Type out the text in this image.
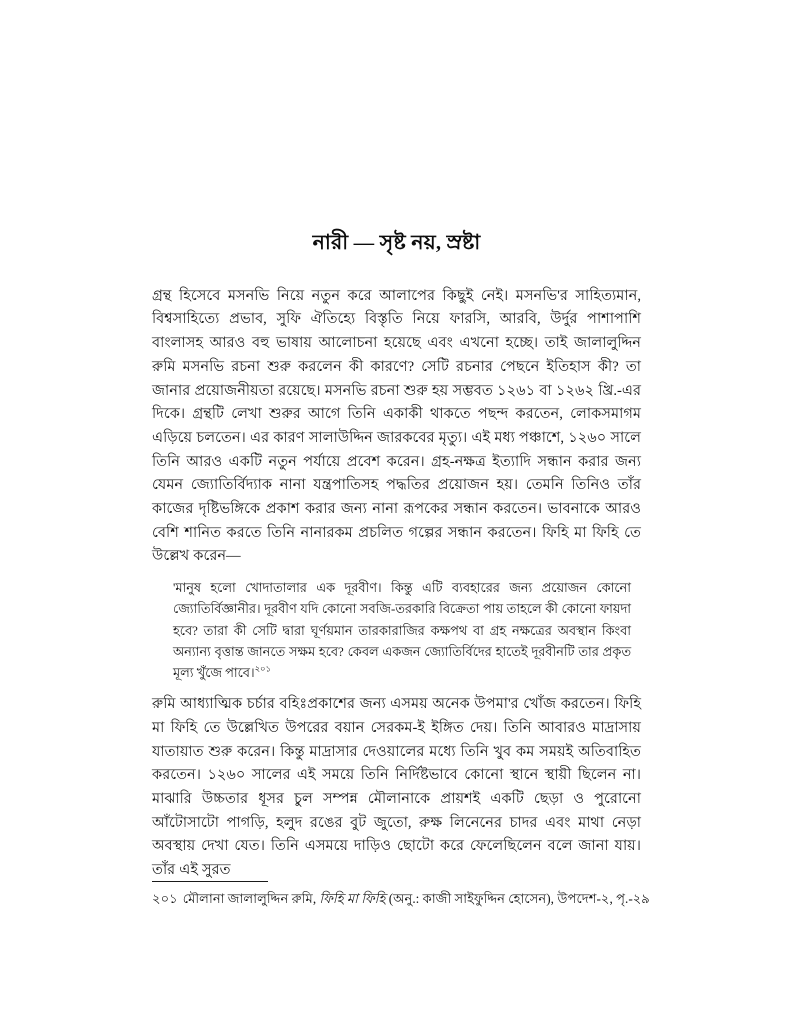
নারী — সৃষ্ট নয়, স্রষ্টা

গ্রন্থ হিসেবে মসনভি নিয়ে নতুন করে আলাপের কিছুই নেই। মসনভি'র সাহিত্যমান, বিশ্বসাহিত্যে প্রভাব, সুফি ঐতিহ্যে বিস্তৃতি নিয়ে ফারসি, আরবি, উর্দুর পাশাপাশি বাংলাসহ আরও বহু ভাষায় আলোচনা হয়েছে এবং এখনো হচ্ছে। তাই জালালুদ্দিন রুমি মসনভি রচনা শুরু করলেন কী কারণে? সেটি রচনার পেছনে ইতিহাস কী? তা জানার প্রয়োজনীয়তা রয়েছে। মসনভি রচনা শুরু হয় সম্ভবত ১২৬১ বা ১২৬২ খ্রি.-এর দিকে। গ্রন্থটি লেখা শুরুর আগে তিনি একাকী থাকতে পছন্দ করতেন, লোকসমাগম এড়িয়ে চলতেন। এর কারণ সালাউদ্দিন জারকবের মৃত্যু। এই মধ্য পঞ্চাশে, ১২৬০ সালে তিনি আরও একটি নতুন পর্যায়ে প্রবেশ করেন। গ্রহ-নক্ষত্র ইত্যাদি সন্ধান করার জন্য যেমন জ্যোতির্বিদ্যাক নানা যন্ত্রপাতিসহ পদ্ধতির প্রয়োজন হয়। তেমনি তিনিও তাঁর কাজের দৃষ্টিভঙ্গিকে প্রকাশ করার জন্য নানা রূপকের সন্ধান করতেন। ভাবনাকে আরও বেশি শানিত করতে তিনি নানারকম প্রচলিত গল্পের সন্ধান করতেন। ফিহি মা ফিহি তে উল্লেখ করেন—

'মানুষ হলো খোদাতালার এক দূরবীণ। কিন্তু এটি ব্যবহারের জন্য প্রয়োজন কোনো জ্যোতির্বিজ্ঞানীর। দূরবীণ যদি কোনো সবজি-তরকারি বিক্রেতা পায় তাহলে কী কোনো ফায়দা হবে? তারা কী সেটি দ্বারা ঘূর্ণয়মান তারকারাজির কক্ষপথ বা গ্রহ নক্ষত্রের অবস্থান কিংবা অন্যান্য বৃত্তান্ত জানতে সক্ষম হবে? কেবল একজন জ্যোতির্বিদের হাতেই দূরবীনটি তার প্রকৃত মূল্য খুঁজে পাবে।$^{২০১}$

রুমি আধ্যাত্মিক চর্চার বহিঃপ্রকাশের জন্য এসময় অনেক উপমা'র খোঁজ করতেন। ফিহি মা ফিহি তে উল্লেখিত উপরের বয়ান সেরকম-ই ইঙ্গিত দেয়। তিনি আবারও মাদ্রাসায় যাতায়াত শুরু করেন। কিন্তু মাদ্রাসার দেওয়ালের মধ্যে তিনি খুব কম সময়ই অতিবাহিত করতেন। ১২৬০ সালের এই সময়ে তিনি নির্দিষ্টভাবে কোনো স্থানে স্থায়ী ছিলেন না। মাঝারি উচ্চতার ধূসর চুল সম্পন্ন মৌলানাকে প্রায়শই একটি ছেড়া ও পুরোনো আঁটোসাটো পাগড়ি, হলুদ রঙের বুট জুতো, রুক্ষ লিনেনের চাদর এবং মাথা নেড়া অবস্থায় দেখা যেত। তিনি এসময়ে দাড়িও ছোটো করে ফেলেছিলেন বলে জানা যায়। তাঁর এই সুরত

২০১ মৌলানা জালালুদ্দিন রুমি, ফিহি মা ফিহি (অনু.: কাজী সাইফুদ্দিন হোসেন), উপদেশ-২, পৃ.-২৯
